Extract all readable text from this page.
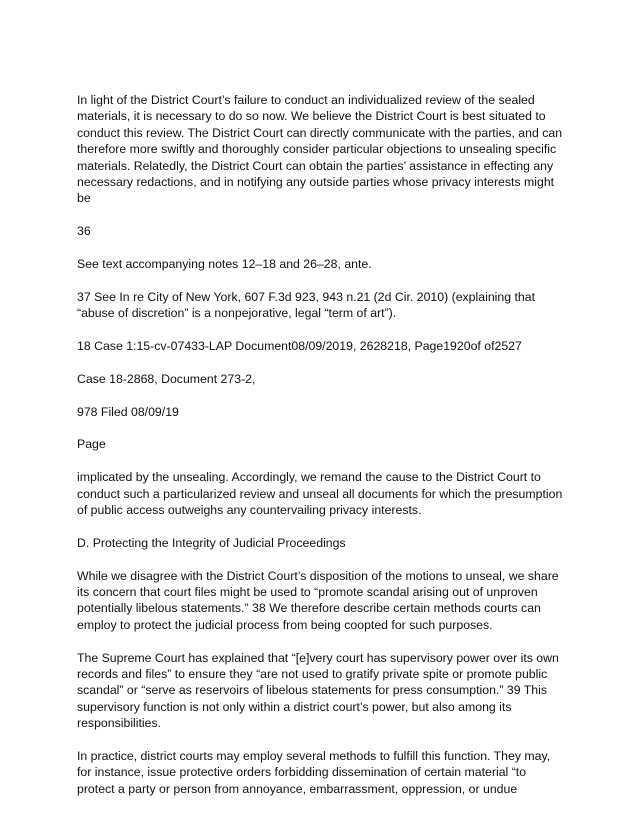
In light of the District Court’s failure to conduct an individualized review of the sealed materials, it is necessary to do so now. We believe the District Court is best situated to conduct this review. The District Court can directly communicate with the parties, and can therefore more swiftly and thoroughly consider particular objections to unsealing specific materials. Relatedly, the District Court can obtain the parties’ assistance in effecting any necessary redactions, and in notifying any outside parties whose privacy interests might be

36

See text accompanying notes 12–18 and 26–28, ante.

37 See In re City of New York, 607 F.3d 923, 943 n.21 (2d Cir. 2010) (explaining that “abuse of discretion” is a nonpejorative, legal “term of art”).

18 Case 1:15-cv-07433-LAP Document08/09/2019, 2628218, Page1920of of2527

Case 18-2868, Document 273-2,

978 Filed 08/09/19

Page

implicated by the unsealing. Accordingly, we remand the cause to the District Court to conduct such a particularized review and unseal all documents for which the presumption of public access outweighs any countervailing privacy interests.

D. Protecting the Integrity of Judicial Proceedings

While we disagree with the District Court’s disposition of the motions to unseal, we share its concern that court files might be used to “promote scandal arising out of unproven potentially libelous statements.” 38 We therefore describe certain methods courts can employ to protect the judicial process from being coopted for such purposes.

The Supreme Court has explained that “[e]very court has supervisory power over its own records and files” to ensure they “are not used to gratify private spite or promote public scandal” or “serve as reservoirs of libelous statements for press consumption.” 39 This supervisory function is not only within a district court’s power, but also among its responsibilities.

In practice, district courts may employ several methods to fulfill this function. They may, for instance, issue protective orders forbidding dissemination of certain material “to protect a party or person from annoyance, embarrassment, oppression, or undue
